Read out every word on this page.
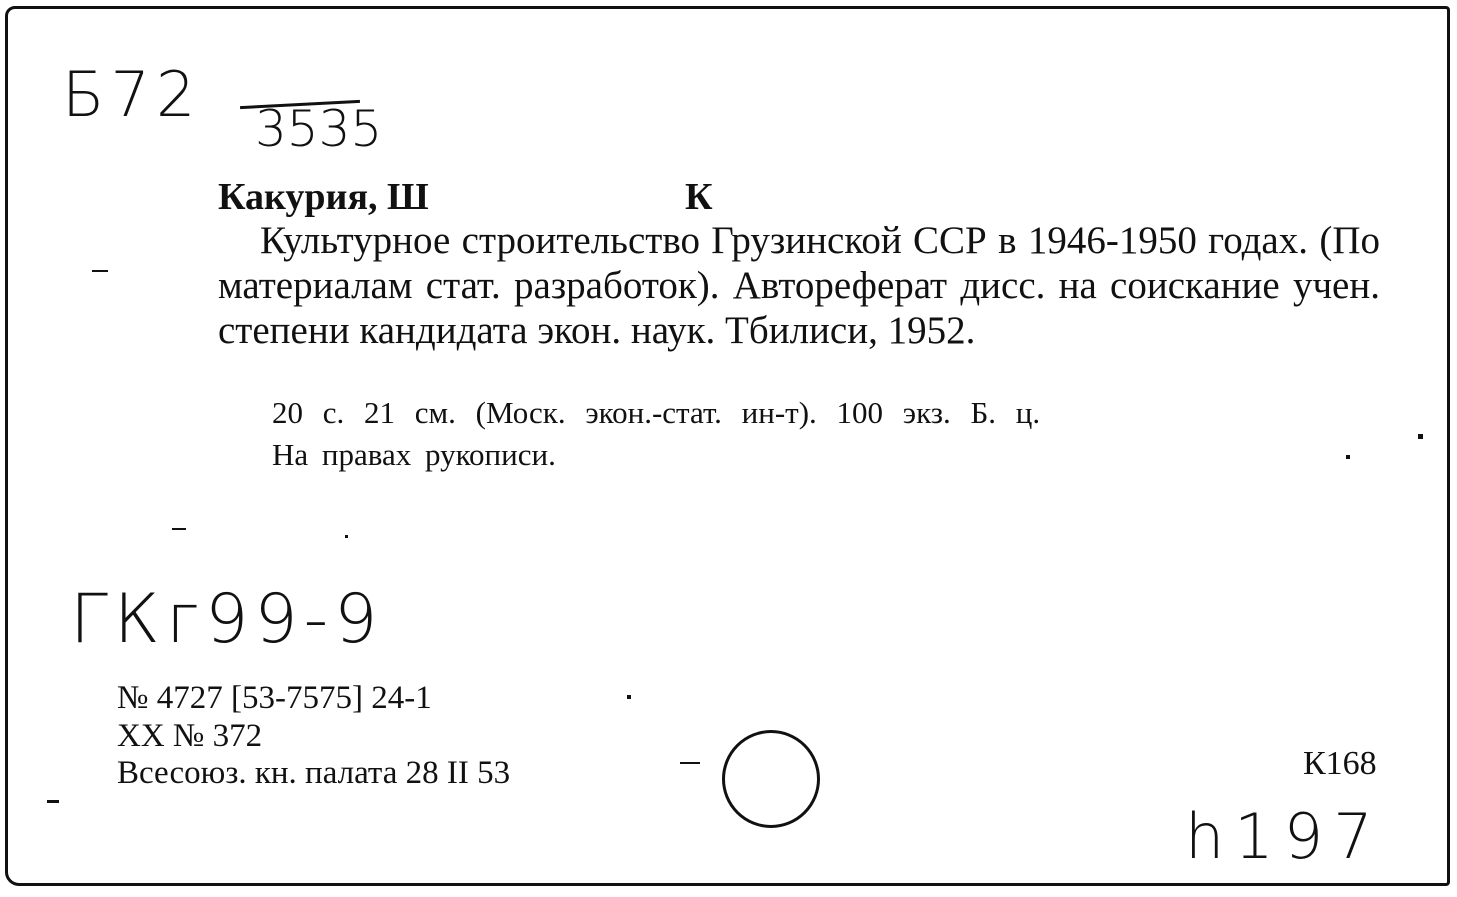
Б72 3535
Какурия, Ш	К
Культурное строительство Грузинской ССР в 1946-1950 годах. (По материалам стат. разработок). Автореферат дисс. на соискание учен. степени кандидата экон. наук. Тбилиси, 1952.
20 с. 21 см. (Моск. экон.-стат. ин-т). 100 экз. Б. ц.
На правах рукописи.
ГКг99-9
№ 4727 [53-7575] 24-1
XX № 372
Всесоюз. кн. палата 28 II 53	К168
h197
